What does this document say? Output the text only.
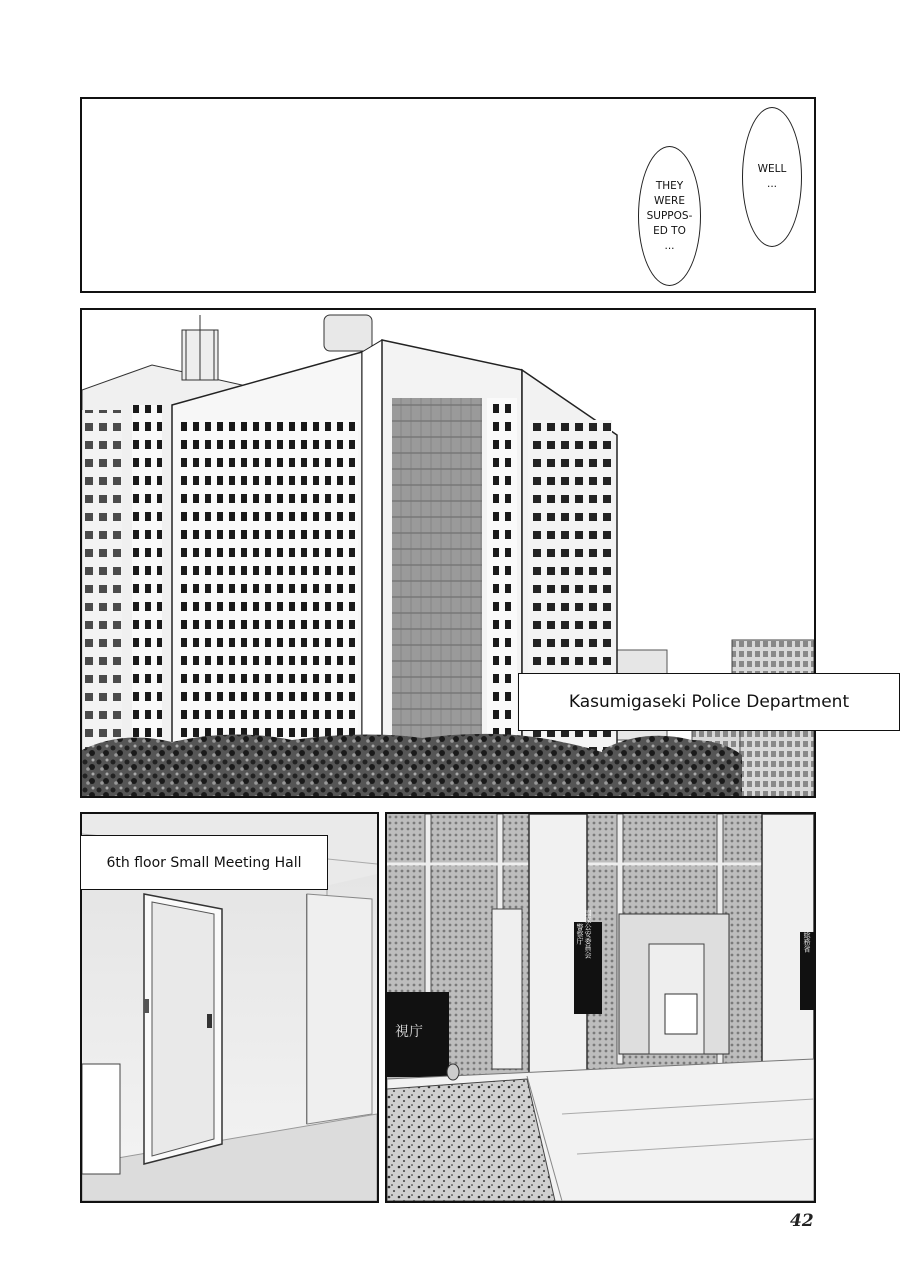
THEY
WERE
SUPPOS-
ED TO
...
WELL
...
Kasumigaseki Police Department
6th floor Small Meeting Hall
国家公安委員会
警察庁	総務省
視庁
42
